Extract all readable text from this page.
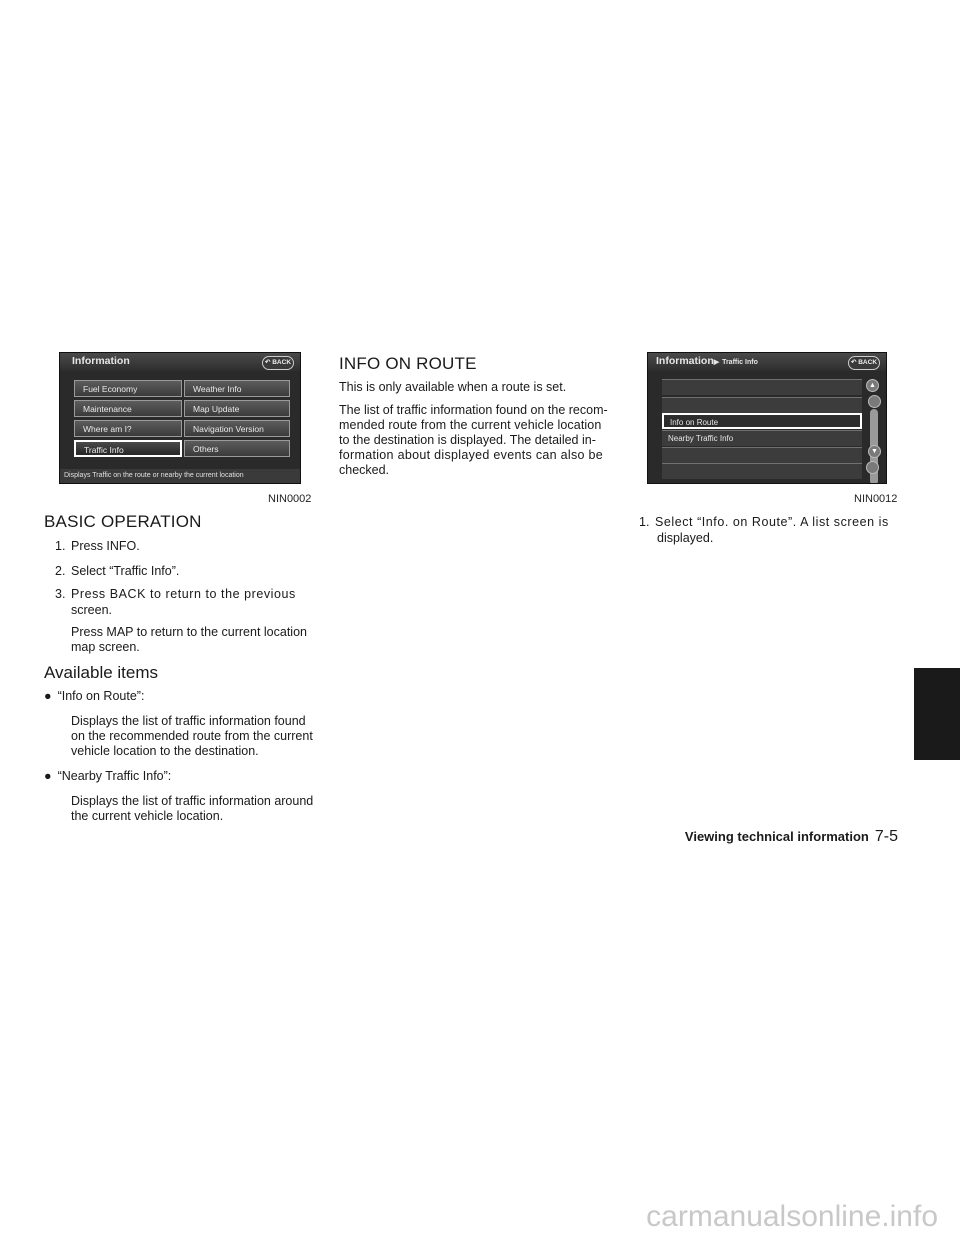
Information	↶ BACK
Fuel Economy	Weather Info
Maintenance	Map Update
Where am I?	Navigation Version
Traffic Info	Others
Displays Traffic on the route or nearby the current location
NIN0002
BASIC OPERATION
1. Press INFO.
2. Select “Traffic Info”.
3. Press BACK to return to the previous
screen.
Press MAP to return to the current location
map screen.
Available items
● “Info on Route”:
Displays the list of traffic information found
on the recommended route from the current
vehicle location to the destination.
● “Nearby Traffic Info”:
Displays the list of traffic information around
the current vehicle location.
INFO ON ROUTE
This is only available when a route is set.
The list of traffic information found on the recom-
mended route from the current vehicle location
to the destination is displayed. The detailed in-
formation about displayed events can also be
checked.
Information▶ Traffic Info	↶ BACK
Info on Route
Nearby Traffic Info
▲
▼
NIN0012
1. Select “Info. on Route”. A list screen is
displayed.
Viewing technical information 7-5
carmanualsonline.info
